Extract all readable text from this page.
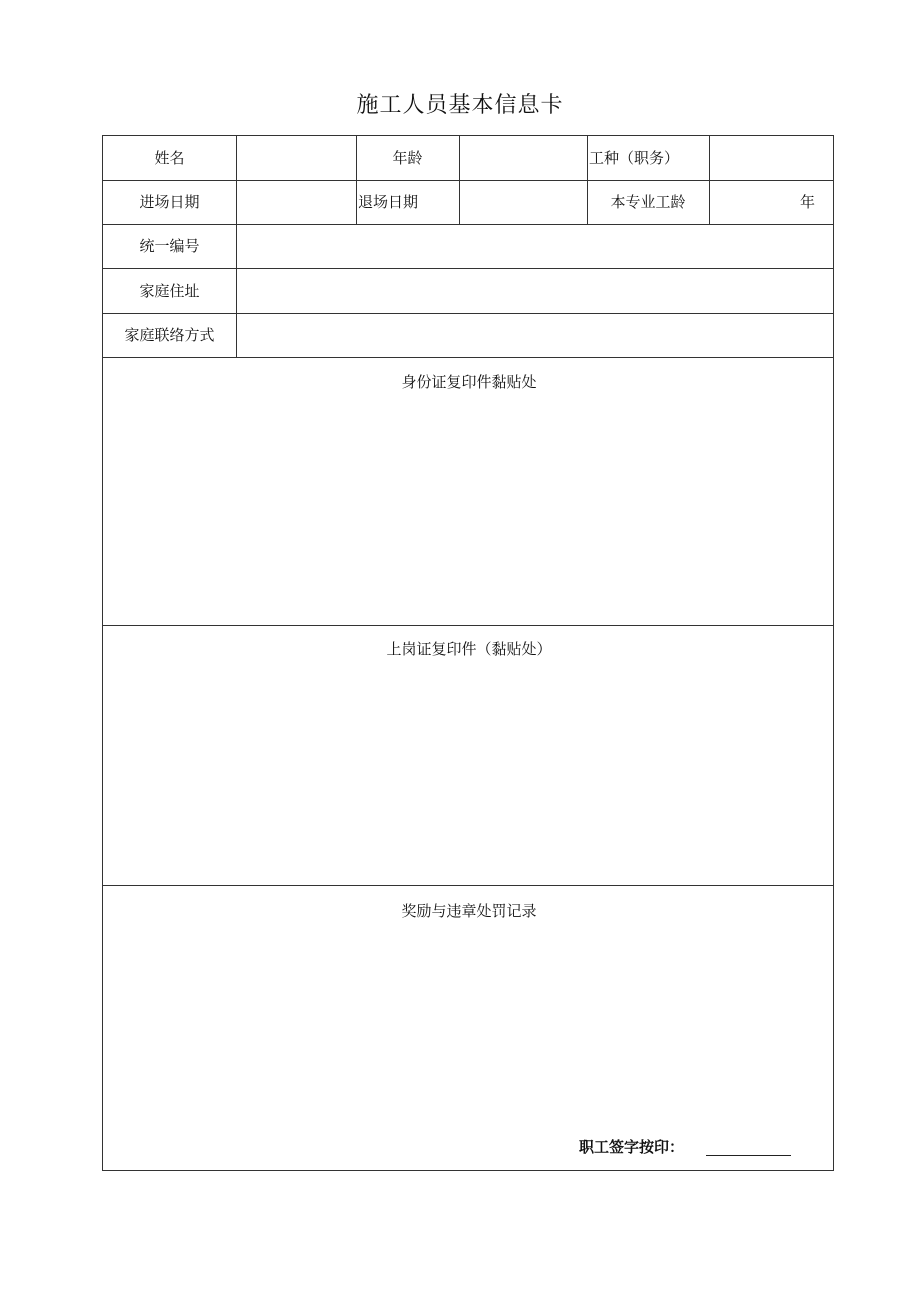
施工人员基本信息卡
姓名	年龄	工种（职务）
进场日期	退场日期	本专业工龄	年
统一编号
家庭住址
家庭联络方式
身份证复印件黏贴处
上岗证复印件（黏贴处）
奖励与违章处罚记录
职工签字按印：
